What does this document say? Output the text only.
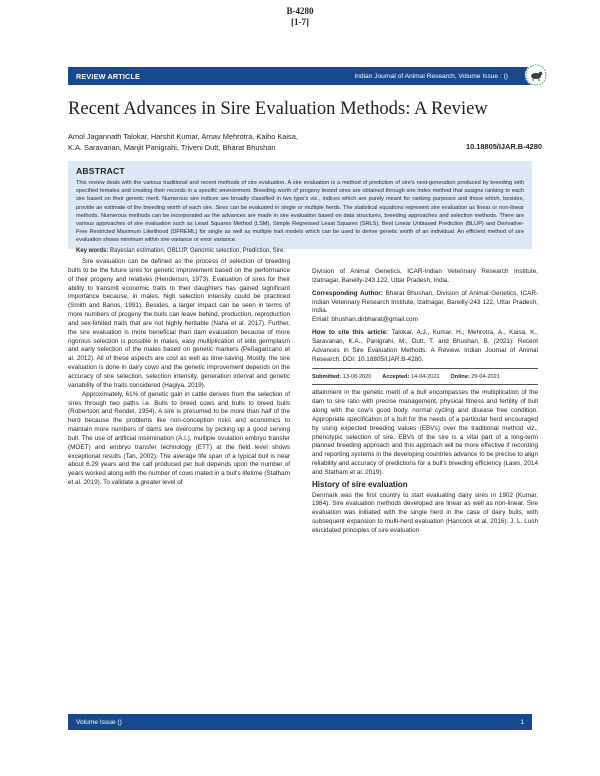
B-4280
[1-7]
REVIEW ARTICLE	Indian Journal of Animal Research, Volume Issue : ()
Recent Advances in Sire Evaluation Methods: A Review
Amol Jagannath Talokar, Harshit Kumar, Arnav Mehrotra, Kaiho Kaisa,
K.A. Saravanan, Manjit Panigrahi, Triveni Dutt, Bharat Bhushan	10.18805/IJAR.B-4280
ABSTRACT
This review deals with the various traditional and recent methods of sire evaluation. A sire evaluation is a method of prediction of sire's next-generation produced by breeding with specified females and creating their records in a specific environment. Breeding worth of progeny tested sires are obtained through sire index method that assigns ranking to each sire based on their genetic merit. Numerous sire indices are broadly classified in two type's viz., indices which are purely meant for ranking purposes and those which, besides, provide an estimate of the breeding worth of each sire. Sires can be evaluated in single or multiple herds. The statistical equations represent sire evaluation as linear or non-linear methods. Numerous methods can be incorporated as the advances are made in sire evaluation based on data structures, breeding approaches and selection methods. There are various approaches of sire evaluation such as Least Squares Method (LSM), Simple Regressed Least Squares (SRLS), Best Linear Unbiased Prediction (BLUP) and Derivative-Free Restricted Maximum Likelihood (DFREML) for single as well as multiple trait models which can be used to derive genetic worth of an individual. An efficient method of sire evaluation shows minimum within sire variance or error variance.
Key words: Bayesian estimation, GBLUP, Genomic selection, Prediction, Sire.

Sire evaluation can be defined as the process of selection of breeding bulls to be the future sires for genetic improvement based on the performance of their progeny and relatives (Henderson, 1973). Evaluation of sires for their ability to transmit economic traits to their daughters has gained significant importance because, in males, high selection intensity could be practiced (Smith and Banos, 1991). Besides, a larger impact can be seen in terms of more numbers of progeny the bulls can leave behind, production, reproduction and sex-limited traits that are not highly heritable (Naha et al. 2017). Further, the sire evaluation is more beneficial than dam evaluation because of more rigorous selection is possible in males, easy multiplication of elite germplasm and early selection of the males based on genetic markers (Peñagaricano et al. 2012). All of these aspects are cost as well as time-saving. Mostly, the sire evaluation is done in dairy cows and the genetic improvement depends on the accuracy of sire selection, selection intensity, generation interval and genetic variability of the traits considered (Hagiya, 2019).

Approximately, 61% of genetic gain in cattle derives from the selection of sires through two paths i.e. Bulls to breed cows and bulls to breed bulls (Robertson and Rendel, 1954). A sire is presumed to be more than half of the herd because the problems like non-conception risks and economics to maintain more numbers of dams are overcome by picking up a good serving bull. The use of artificial insemination (A.I.), multiple ovulation embryo transfer (MOET) and embryo transfer technology (ETT) at the field level shows exceptional results (Tan, 2002). The average life span of a typical bull is near about 6.29 years and the calf produced per bull depends upon the number of years worked along with the number of cows mated in a bull's lifetime (Statham et al. 2019). To validate a greater level of

Division of Animal Genetics, ICAR-Indian Veterinary Research Institute, Izatnagar, Bareilly-243 122, Uttar Pradesh, India.

Corresponding Author: Bharat Bhushan, Division of Animal Genetics, ICAR-Indian Veterinary Research Institute, Izatnagar, Bareilly-243 122, Uttar Pradesh, India.
Email: bhushan.dirbharat@gmail.com

How to cite this article: Talokar, A.J., Kumar, H., Mehrotra, A., Kaisa, K., Saravanan, K.A., Panigrahi, M., Dutt, T. and Bhushan, B. (2021). Recent Advances in Sire Evaluation Methods: A Review. Indian Journal of Animal Research. DOI: 10.18805/IJAR.B-4280.

Submitted: 13-08-2020 Accepted: 14-04-2021 Online: 29-04-2021

attainment in the genetic merit of a bull encompasses the multiplication of the dam to sire ratio with precise management, physical fitness and fertility of bull along with the cow's good body, normal cycling and disease free condition. Appropriate specification of a bull for the needs of a particular herd encouraged by using expected breeding values (EBVs) over the traditional method viz., phenotypic selection of sire. EBVs of the sire is a vital part of a long-term planned breeding approach and this approach will be more effective if recording and reporting systems in the developing countries advance to be precise to align reliability and accuracy of predictions for a bull's breeding efficiency (Laws, 2014 and Statham et al. 2019).

History of sire evaluation

Denmark was the first country to start evaluating dairy sires in 1902 (Kumar, 1984). Sire evaluation methods developed are linear as well as non-linear. Sire evaluation was initiated with the single herd in the case of dairy bulls, with subsequent expansion to multi-herd evaluation (Hancock et al. 2016). J. L. Lush elucidated principles of sire evaluation

Volume Issue ()	1
